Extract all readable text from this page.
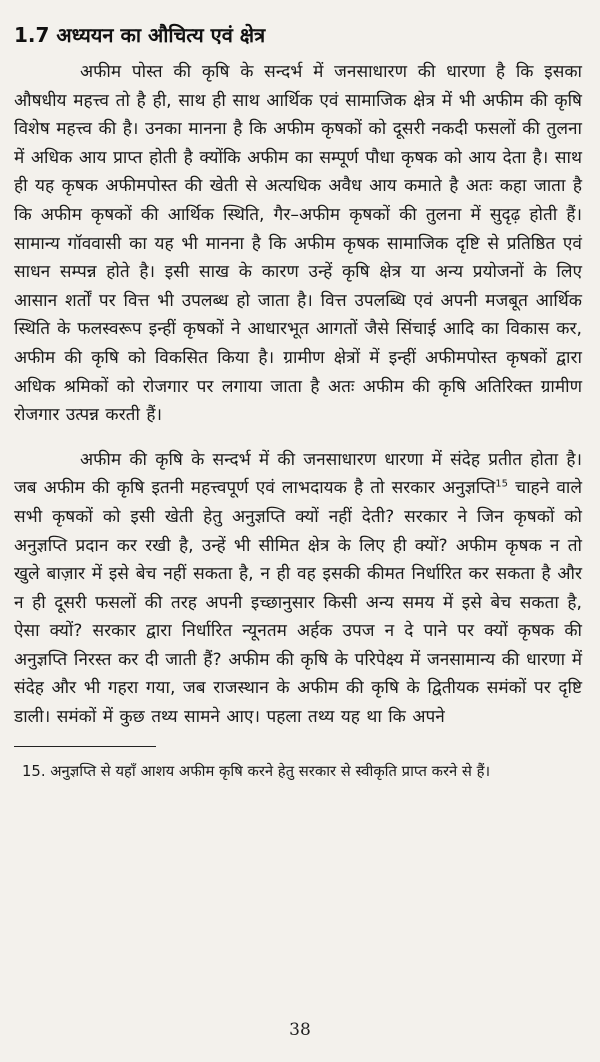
1.7 अध्ययन का औचित्य एवं क्षेत्र

अफीम पोस्त की कृषि के सन्दर्भ में जनसाधारण की धारणा है कि इसका औषधीय महत्त्व तो है ही, साथ ही साथ आर्थिक एवं सामाजिक क्षेत्र में भी अफीम की कृषि विशेष महत्त्व की है। उनका मानना है कि अफीम कृषकों को दूसरी नकदी फसलों की तुलना में अधिक आय प्राप्त होती है क्योंकि अफीम का सम्पूर्ण पौधा कृषक को आय देता है। साथ ही यह कृषक अफीमपोस्त की खेती से अत्यधिक अवैध आय कमाते है अतः कहा जाता है कि अफीम कृषकों की आर्थिक स्थिति, गैर–अफीम कृषकों की तुलना में सुदृढ़ होती हैं। सामान्य गॉववासी का यह भी मानना है कि अफीम कृषक सामाजिक दृष्टि से प्रतिष्ठित एवं साधन सम्पन्न होते है। इसी साख के कारण उन्हें कृषि क्षेत्र या अन्य प्रयोजनों के लिए आसान शर्तों पर वित्त भी उपलब्ध हो जाता है। वित्त उपलब्धि एवं अपनी मजबूत आर्थिक स्थिति के फलस्वरूप इन्हीं कृषकों ने आधारभूत आगतों जैसे सिंचाई आदि का विकास कर, अफीम की कृषि को विकसित किया है। ग्रामीण क्षेत्रों में इन्हीं अफीमपोस्त कृषकों द्वारा अधिक श्रमिकों को रोजगार पर लगाया जाता है अतः अफीम की कृषि अतिरिक्त ग्रामीण रोजगार उत्पन्न करती हैं।

अफीम की कृषि के सन्दर्भ में की जनसाधारण धारणा में संदेह प्रतीत होता है। जब अफीम की कृषि इतनी महत्त्वपूर्ण एवं लाभदायक है तो सरकार अनुज्ञप्ति$^{15}$ चाहने वाले सभी कृषकों को इसी खेती हेतु अनुज्ञप्ति क्यों नहीं देती? सरकार ने जिन कृषकों को अनुज्ञप्ति प्रदान कर रखी है, उन्हें भी सीमित क्षेत्र के लिए ही क्यों? अफीम कृषक न तो खुले बाज़ार में इसे बेच नहीं सकता है, न ही वह इसकी कीमत निर्धारित कर सकता है और न ही दूसरी फसलों की तरह अपनी इच्छानुसार किसी अन्य समय में इसे बेच सकता है, ऐसा क्यों? सरकार द्वारा निर्धारित न्यूनतम अर्हक उपज न दे पाने पर क्यों कृषक की अनुज्ञप्ति निरस्त कर दी जाती हैं? अफीम की कृषि के परिपेक्ष्य में जनसामान्य की धारणा में संदेह और भी गहरा गया, जब राजस्थान के अफीम की कृषि के द्वितीयक समंकों पर दृष्टि डाली। समंकों में कुछ तथ्य सामने आए। पहला तथ्य यह था कि अपने

15. अनुज्ञप्ति से यहाँ आशय अफीम कृषि करने हेतु सरकार से स्वीकृति प्राप्त करने से हैं।

38
